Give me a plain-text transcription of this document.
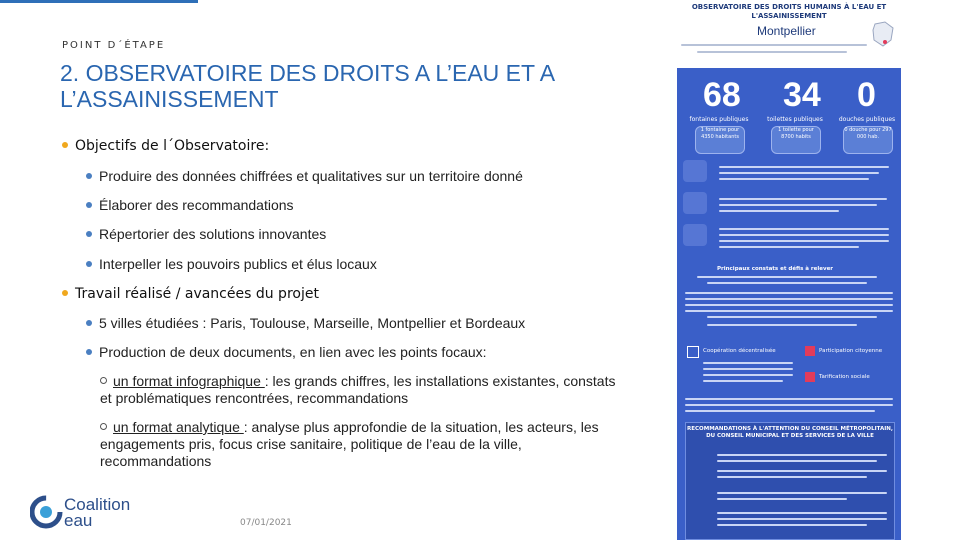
POINT D´ÉTAPE
2. OBSERVATOIRE DES DROITS A L’EAU ET A
L’ASSAINISSEMENT
Objectifs de l´Observatoire:
Produire des données chiffrées et qualitatives sur un territoire donné
Élaborer des recommandations
Répertorier des solutions innovantes
Interpeller les pouvoirs publics et élus locaux
Travail réalisé / avancées du projet
5 villes étudiées : Paris, Toulouse, Marseille, Montpellier et Bordeaux
Production de deux documents, en lien avec les points focaux:
un format infographique : les grands chiffres, les installations existantes, constats et problématiques rencontrées, recommandations
un format analytique : analyse plus approfondie de la situation, les acteurs, les engagements pris, focus crise sanitaire, politique de l’eau de la ville, recommandations
Coalition
eau	07/01/2021
OBSERVATOIRE DES DROITS HUMAINS À L'EAU ET
L'ASSAINISSEMENT
Montpellier
68 34 0
fontaines publiques	toilettes publiques	douches publiques
1 fontaine pour 4350 habitants
1 toilette pour 8700 habits
0 douche pour 297 000 hab.
Principaux constats et défis à relever
Coopération décentralisée	Participation citoyenne
Tarification sociale
RECOMMANDATIONS À L'ATTENTION DU CONSEIL MÉTROPOLITAIN, DU CONSEIL MUNICIPAL ET DES SERVICES DE LA VILLE
